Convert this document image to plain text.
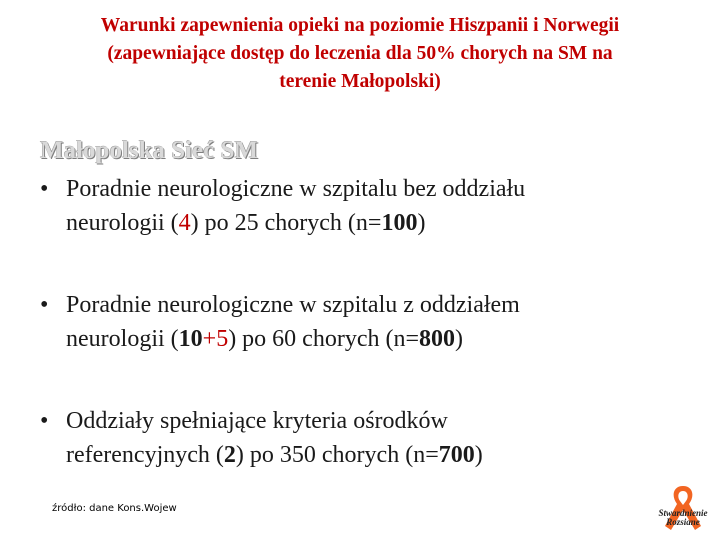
Warunki zapewnienia opieki na poziomie Hiszpanii i Norwegii
(zapewniające dostęp do leczenia dla 50% chorych na SM na
terenie Małopolski)
Małopolska Sieć SM
• Poradnie neurologiczne w szpitalu bez oddziału
neurologii (4) po 25 chorych (n=100)
• Poradnie neurologiczne w szpitalu z oddziałem
neurologii (10+5) po 60 chorych (n=800)
• Oddziały spełniające kryteria ośrodków
referencyjnych (2) po 350 chorych (n=700)
źródło: dane Kons.Wojew	Stwardnienie
Rozsiane
